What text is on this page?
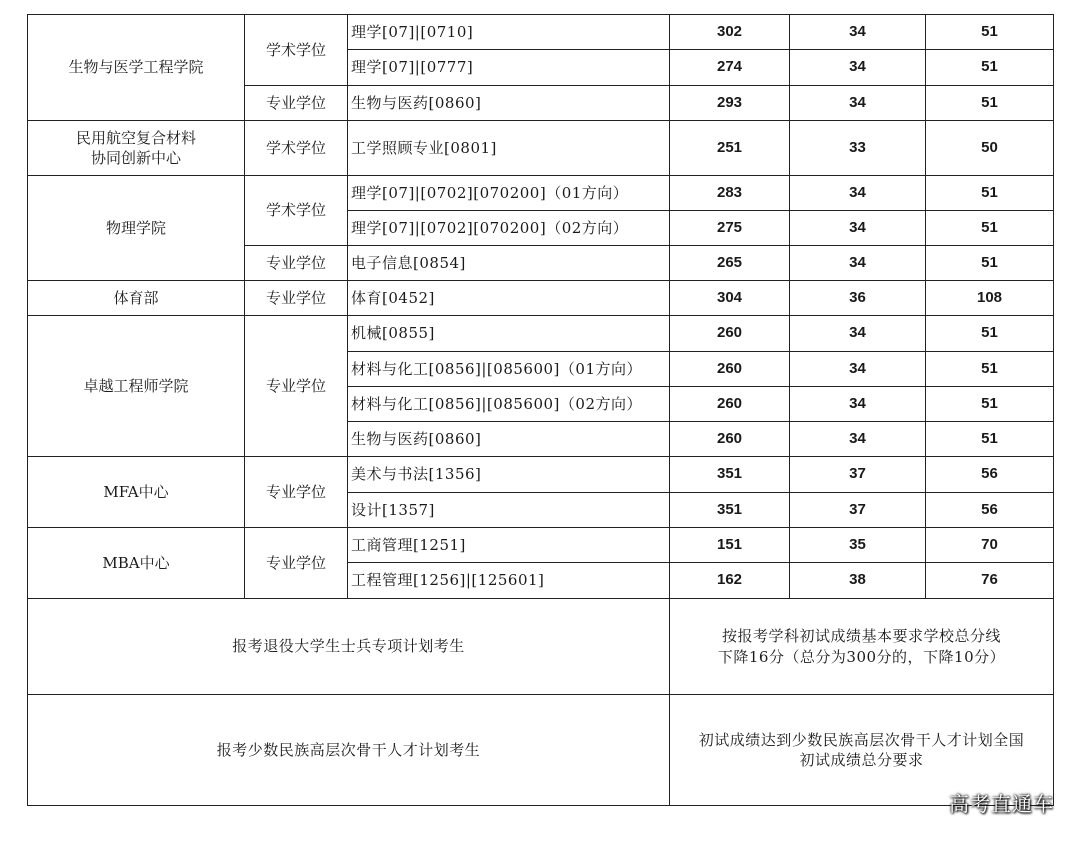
生物与医学工程学院	学术学位	理学[07]|[0710]	302	34	51
		理学[07]|[0777]	274	34	51
	专业学位	生物与医药[0860]	293	34	51

民用航空复合材料
协同创新中心	学术学位	工学照顾专业[0801]	251	33	50
物理学院	学术学位	理学[07]|[0702][070200]（01方向）	283	34	51
		理学[07]|[0702][070200]（02方向）	275	34	51
	专业学位	电子信息[0854]	265	34	51
体育部	专业学位	体育[0452]	304	36	108
卓越工程师学院	专业学位	机械[0855]	260	34	51
		材料与化工[0856]|[085600]（01方向）	260	34	51
		材料与化工[0856]|[085600]（02方向）	260	34	51
		生物与医药[0860]	260	34	51
MFA中心	专业学位	美术与书法[1356]	351	37	56
		设计[1357]	351	37	56
MBA中心	专业学位	工商管理[1251]	151	35	70
		工程管理[1256]|[125601]	162	38	76
报考退役大学生士兵专项计划考生			按报考学科初试成绩基本要求学校总分线
下降16分（总分为300分的，下降10分）		

报考少数民族高层次骨干人才计划考生			初试成绩达到少数民族高层次骨干人才计划全国
初试成绩总分要求		
高考直通车
